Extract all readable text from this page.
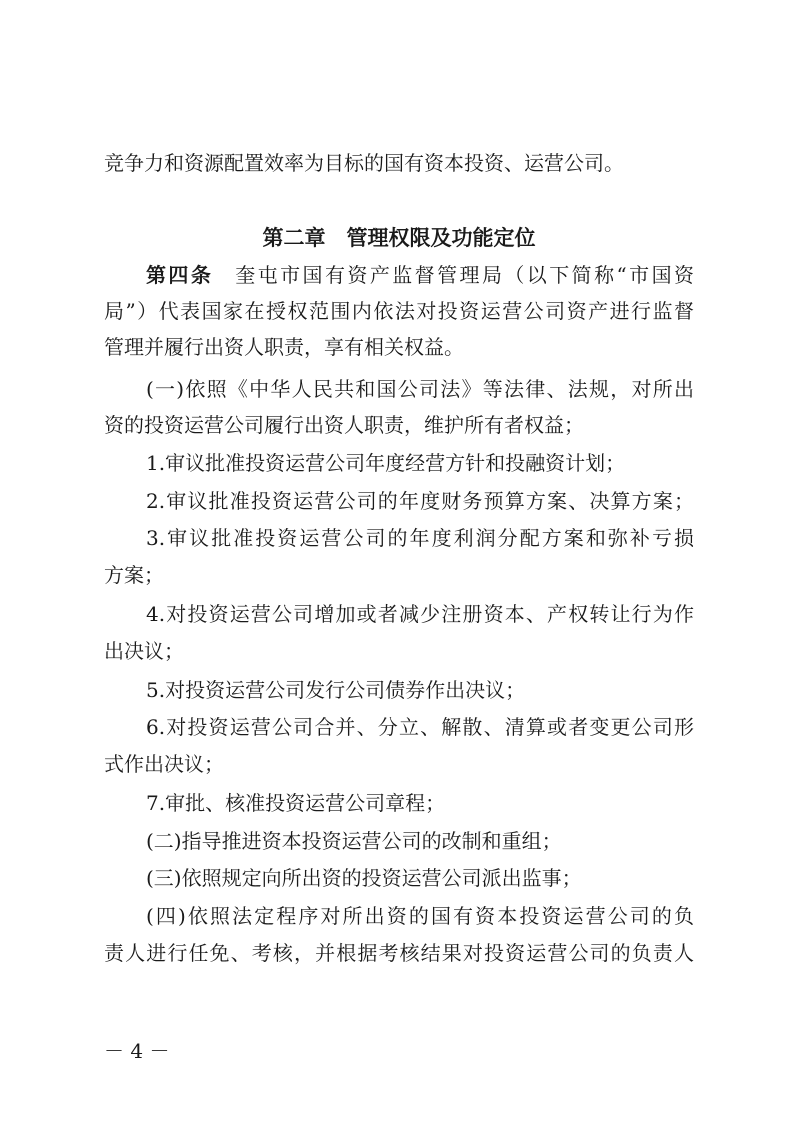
竞争力和资源配置效率为目标的国有资本投资、运营公司。
第二章　管理权限及功能定位
第四条 奎屯市国有资产监督管理局（以下简称“市国资
局”）代表国家在授权范围内依法对投资运营公司资产进行监督
管理并履行出资人职责，享有相关权益。
(一)依照《中华人民共和国公司法》等法律、法规，对所出
资的投资运营公司履行出资人职责，维护所有者权益；
1.审议批准投资运营公司年度经营方针和投融资计划；
2.审议批准投资运营公司的年度财务预算方案、决算方案；
3.审议批准投资运营公司的年度利润分配方案和弥补亏损
方案；
4.对投资运营公司增加或者减少注册资本、产权转让行为作
出决议；
5.对投资运营公司发行公司债券作出决议；
6.对投资运营公司合并、分立、解散、清算或者变更公司形
式作出决议；
7.审批、核准投资运营公司章程；
(二)指导推进资本投资运营公司的改制和重组；
(三)依照规定向所出资的投资运营公司派出监事；
(四)依照法定程序对所出资的国有资本投资运营公司的负
责人进行任免、考核，并根据考核结果对投资运营公司的负责人
－ 4 －
